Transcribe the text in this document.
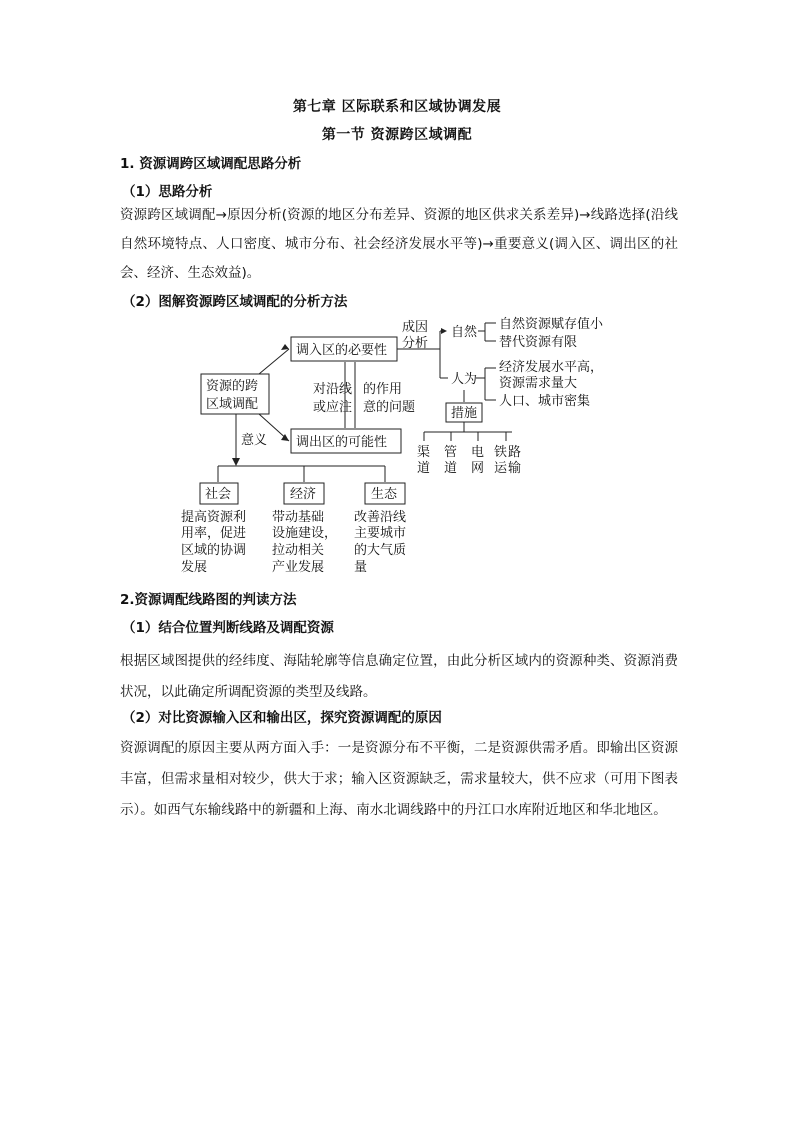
第七章 区际联系和区域协调发展
第一节 资源跨区域调配
1. 资源调跨区域调配思路分析
（1）思路分析
资源跨区域调配→原因分析(资源的地区分布差异、资源的地区供求关系差异)→线路选择(沿线自然环境特点、人口密度、城市分布、社会经济发展水平等)→重要意义(调入区、调出区的社会、经济、生态效益)。
（2）图解资源跨区域调配的分析方法
资源的跨
区域调配
调入区的必要性
调出区的可能性
成因
分析
自然
人为
自然资源赋存值小
替代资源有限
经济发展水平高，
资源需求量大
人口、城市密集
措施
渠
道
管
道
电
网
铁 路
运 输
对沿线
或应注
的作用
意的问题
意义
社会	经济	生态
提高资源利
用率，促进
区域的协调
发展
带动基础
设施建设，
拉动相关
产业发展
改善沿线
主要城市
的大气质
量
2.资源调配线路图的判读方法
（1）结合位置判断线路及调配资源
根据区域图提供的经纬度、海陆轮廓等信息确定位置，由此分析区域内的资源种类、资源消费状况，以此确定所调配资源的类型及线路。
（2）对比资源输入区和输出区，探究资源调配的原因
资源调配的原因主要从两方面入手：一是资源分布不平衡，二是资源供需矛盾。即输出区资源丰富，但需求量相对较少，供大于求；输入区资源缺乏，需求量较大，供不应求（可用下图表示）。如西气东输线路中的新疆和上海、南水北调线路中的丹江口水库附近地区和华北地区。
